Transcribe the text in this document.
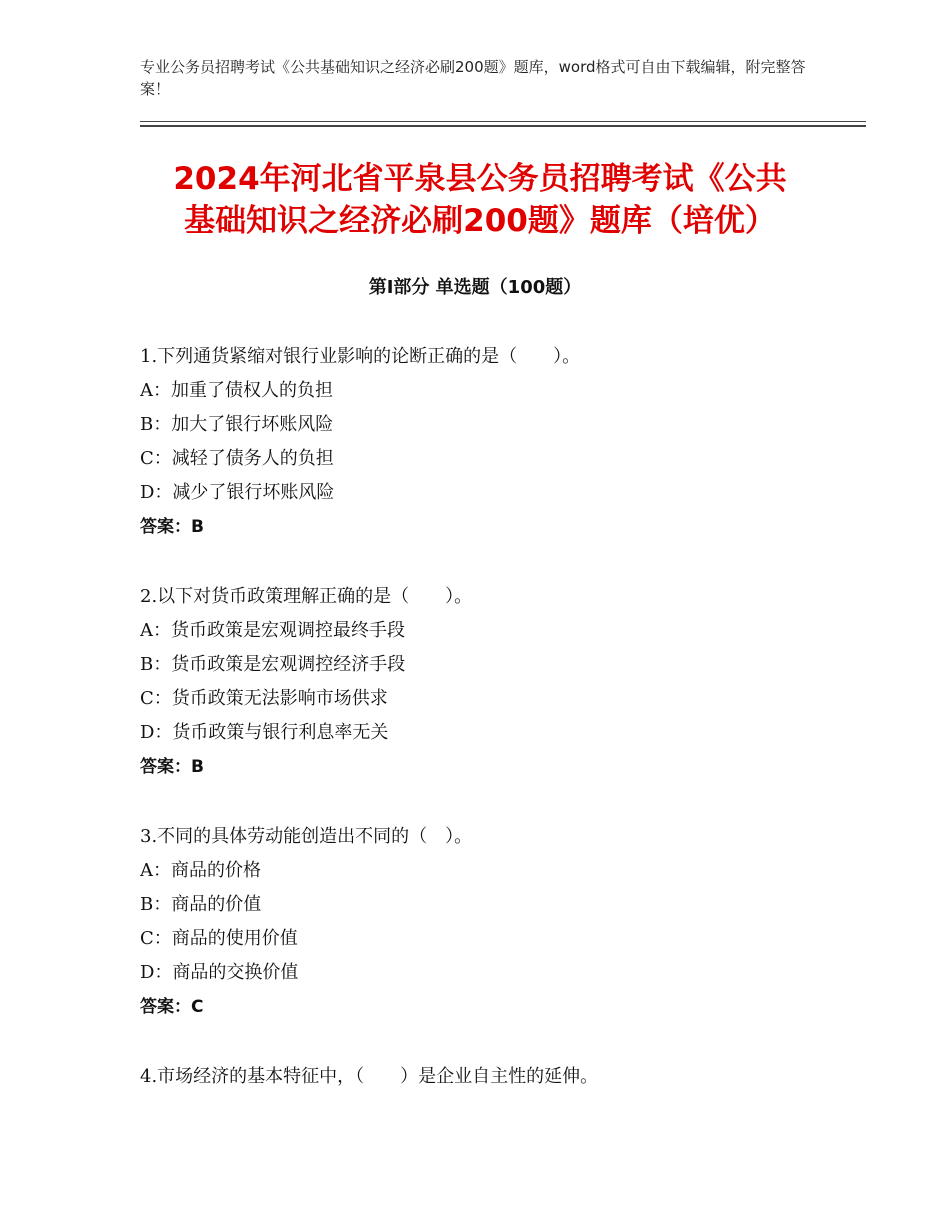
专业公务员招聘考试《公共基础知识之经济必刷200题》题库，word格式可自由下载编辑，附完整答案！
2024年河北省平泉县公务员招聘考试《公共
基础知识之经济必刷200题》题库（培优）
第Ⅰ部分 单选题（100题）
1.下列通货紧缩对银行业影响的论断正确的是（　　）。
A：加重了债权人的负担
B：加大了银行坏账风险
C：减轻了债务人的负担
D：减少了银行坏账风险
答案：B
2.以下对货币政策理解正确的是（　　）。
A：货币政策是宏观调控最终手段
B：货币政策是宏观调控经济手段
C：货币政策无法影响市场供求
D：货币政策与银行利息率无关
答案：B
3.不同的具体劳动能创造出不同的（　）。
A：商品的价格
B：商品的价值
C：商品的使用价值
D：商品的交换价值
答案：C
4.市场经济的基本特征中，（　　）是企业自主性的延伸。
